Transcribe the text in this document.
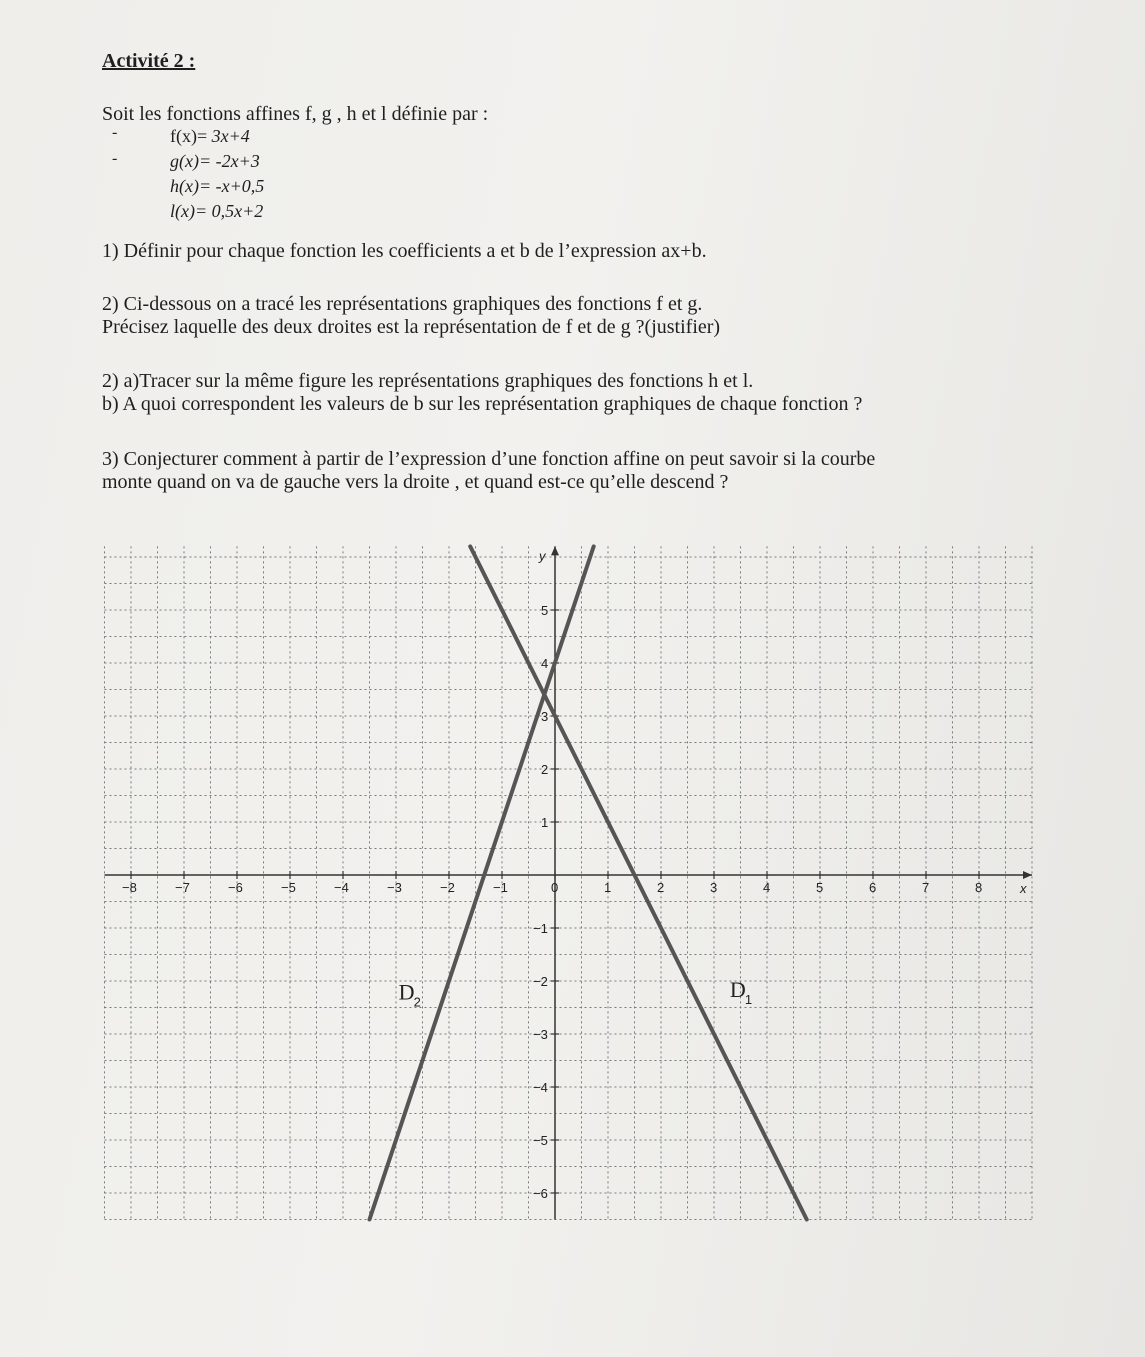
Activité 2 :
Soit les fonctions affines f, g , h et l définie par :
-	f(x)= 3x+4
-	g(x)= -2x+3
h(x)= -x+0,5
l(x)= 0,5x+2
1) Définir pour chaque fonction les coefficients a et b de l’expression ax+b.
2) Ci-dessous on a tracé les représentations graphiques des fonctions f et g.
Précisez laquelle des deux droites est la représentation de f et de g ?(justifier)
2) a)Tracer sur la même figure les représentations graphiques des fonctions h et l.
b) A quoi correspondent les valeurs de b sur les représentation graphiques de chaque fonction ?
3) Conjecturer comment à partir de l’expression d’une fonction affine on peut savoir si la courbe
monte quand on va de gauche vers la droite , et quand est-ce qu’elle descend ?
x
y
−8	−7	−6	−5	−4	−3	−2	−1	0	1	2	3	4	5	6	7	8
−6
−5
−4
−3
−2
−1
1
2
3
4
5
D 2
D 1
